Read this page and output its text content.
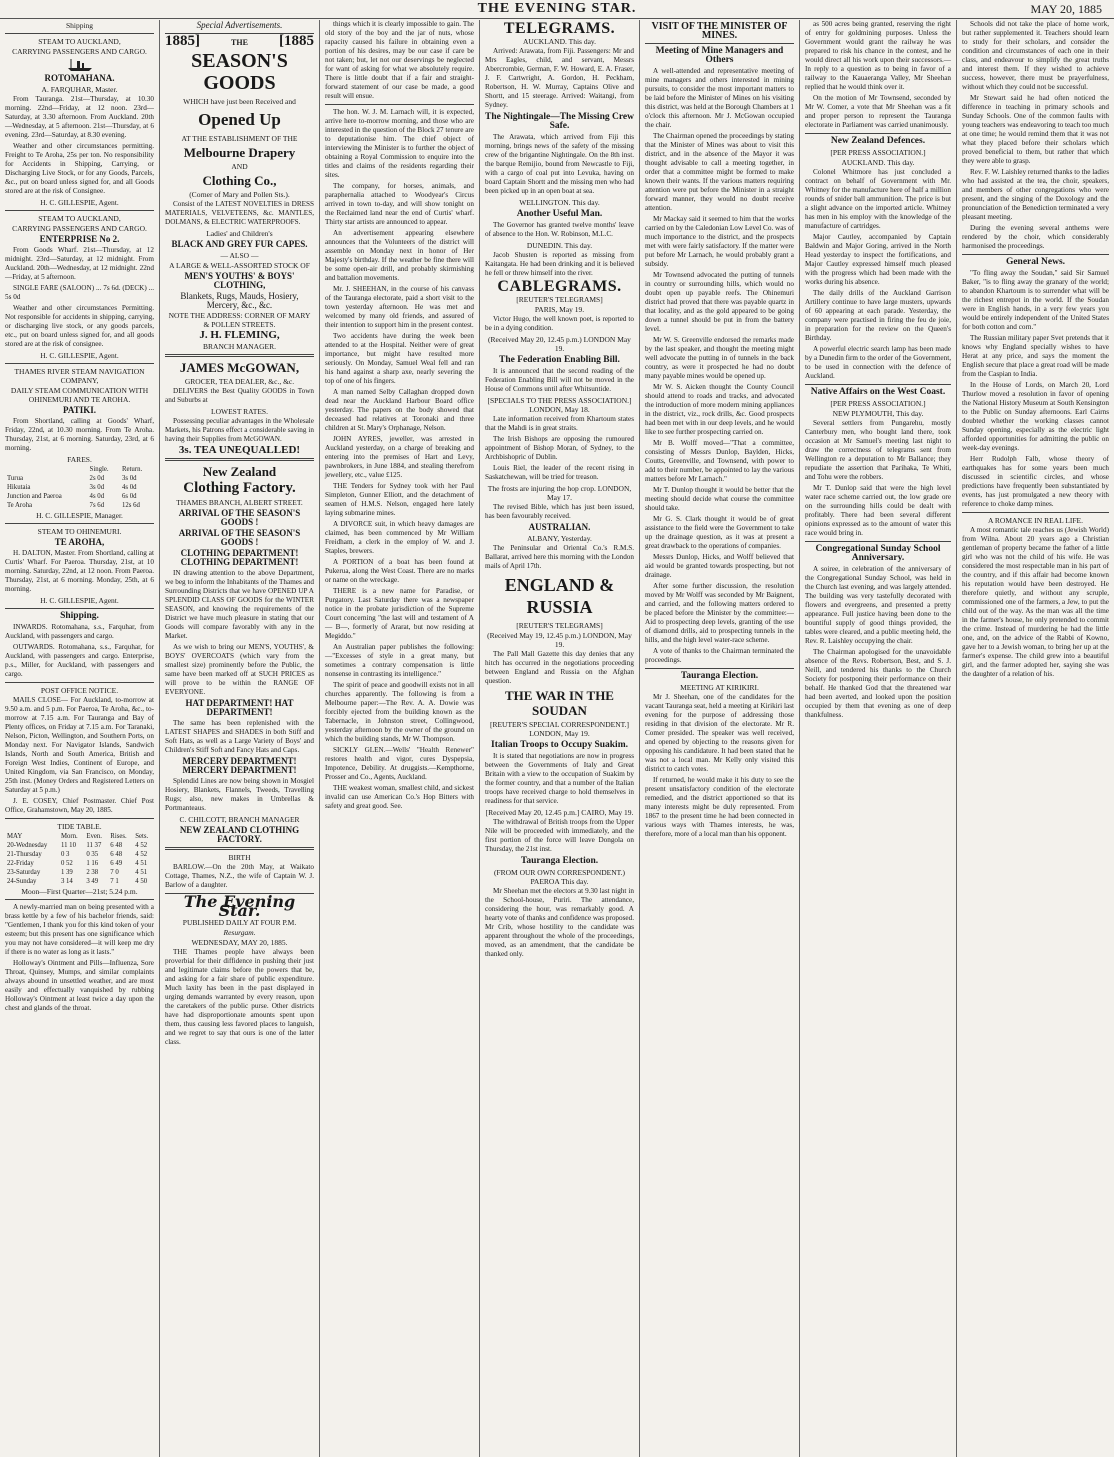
THE EVENING STAR.	MAY 20, 1885
Shipping
STEAM TO AUCKLAND,
CARRYING PASSENGERS AND CARGO.
ROTOMAHANA.
A. FARQUHAR, Master.

From Tauranga. 21st—Thursday, at 10.30 morning. 22nd—Friday, at 12 noon. 23rd—Saturday, at 3.30 afternoon. From Auckland. 20th—Wednesday, at 5 afternoon. 21st—Thursday, at 6 evening. 23rd—Saturday, at 8.30 evening.

Weather and other circumstances permitting. Freight to Te Aroha, 25s per ton. No responsibility for Accidents in Shipping, Carrying, or Discharging Live Stock, or for any Goods, Parcels, &c., put on board unless signed for, and all Goods stored are at the risk of Consignee.

H. C. GILLESPIE, Agent.
STEAM TO AUCKLAND,
CARRYING PASSENGERS AND CARGO.
ENTERPRISE No 2.

From Goods Wharf. 21st—Thursday, at 12 midnight. 23rd—Saturday, at 12 midnight. From Auckland. 20th—Wednesday, at 12 midnight. 22nd—Friday, at 5 afternoon.

SINGLE FARE (SALOON) ... 7s 6d. (DECK) ... 5s 0d

Weather and other circumstances Permitting. Not responsible for accidents in shipping, carrying, or discharging live stock, or any goods parcels, etc., put on board unless signed for, and all goods stored are at the risk of consignee.

H. C. GILLESPIE, Agent.
THAMES RIVER STEAM NAVIGATION COMPANY,
DAILY STEAM COMMUNICATION WITH OHINEMURI AND TE AROHA.
PATIKI.

From Shortland, calling at Goods' Wharf, Friday, 22nd, at 10.30 morning. From Te Aroha. Thursday, 21st, at 6 morning. Saturday, 23rd, at 6 morning.

FARES.
	Single.	Return.
Turua	2s 0d	3s 0d
Hikutaia	3s 0d	4s 0d
Junction and Paeroa	4s 0d	6s 0d
Te Aroha	7s 6d	12s 6d
H. C. GILLESPIE, Manager.
STEAM TO OHINEMURI.
TE AROHA,

H. DALTON, Master. From Shortland, calling at Curtis' Wharf. For Paeroa. Thursday, 21st, at 10 morning. Saturday, 22nd, at 12 noon. From Paeroa. Thursday, 21st, at 6 morning. Monday, 25th, at 6 morning.

H. C. GILLESPIE, Agent.
Shipping.

INWARDS. Rotomahana, s.s., Farquhar, from Auckland, with passengers and cargo.

OUTWARDS. Rotomahana, s.s., Farquhar, for Auckland, with passengers and cargo. Enterprise, p.s., Miller, for Auckland, with passengers and cargo.

POST OFFICE NOTICE.

MAILS CLOSE— For Auckland, to-morrow at 9.50 a.m. and 5 p.m. For Paeroa, Te Aroha, &c., to-morrow at 7.15 a.m. For Tauranga and Bay of Plenty offices, on Friday at 7.15 a.m. For Taranaki, Nelson, Picton, Wellington, and Southern Ports, on Monday next. For Navigator Islands, Sandwich Islands, North and South America, British and Foreign West Indies, Continent of Europe, and United Kingdom, via San Francisco, on Monday, 25th inst. (Money Orders and Registered Letters on Saturday at 5 p.m.)

J. E. COSEY, Chief Postmaster. Chief Post Office, Grahamstown, May 20, 1885.

TIDE TABLE.
MAY	Morn.	Even.	Rises.	Sets.
20-Wednesday	11 10	11 37	6 48	4 52
21-Thursday	0 3	0 35	6 48	4 52
22-Friday	0 52	1 16	6 49	4 51
23-Saturday	1 39	2 38	7 0	4 51
24-Sunday	3 14	3 49	7 1	4 50
Moon—First Quarter—21st; 5.24 p.m.

A newly-married man on being presented with a brass kettle by a few of his bachelor friends, said: "Gentlemen, I thank you for this kind token of your esteem; but this present has one significance which you may not have considered—it will keep me dry if there is no water as long as it lasts."

Holloway's Ointment and Pills—Influenza, Sore Throat, Quinsey, Mumps, and similar complaints always abound in unsettled weather, and are most easily and effectually vanquished by rubbing Holloway's Ointment at least twice a day upon the chest and glands of the throat.

Special Advertisements.
1885]	THE [1885
SEASON'S GOODS
WHICH have just been Received and
Opened Up
AT THE ESTABLISHMENT OF THE
Melbourne Drapery
AND
Clothing Co.,
(Corner of Mary and Pollen Sts.).

Consist of the LATEST NOVELTIES in DRESS MATERIALS, VELVETEENS, &c. MANTLES, DOLMANS, & ELECTRIC WATERPROOFS.

Ladies' and Children's
BLACK AND GREY FUR CAPES.
— ALSO —
A LARGE & WELL-ASSORTED STOCK OF
MEN'S YOUTHS' & BOYS' CLOTHING,
Blankets, Rugs, Mauds, Hosiery, Mercery, &c., &c.
NOTE THE ADDRESS: CORNER OF MARY & POLLEN STREETS.
J. H. FLEMING,
BRANCH MANAGER.
JAMES McGOWAN,
GROCER, TEA DEALER, &c., &c.

DELIVERS the Best Quality GOODS in Town and Suburbs at

LOWEST RATES.

Possessing peculiar advantages in the Wholesale Markets, his Patrons effect a considerable saving in having their Supplies from McGOWAN.

3s. TEA UNEQUALLED!
New Zealand
Clothing Factory.
THAMES BRANCH, ALBERT STREET.
ARRIVAL OF THE SEASON'S GOODS !
ARRIVAL OF THE SEASON'S GOODS !
CLOTHING DEPARTMENT! CLOTHING DEPARTMENT!

IN drawing attention to the above Department, we beg to inform the Inhabitants of the Thames and Surrounding Districts that we have OPENED UP A SPLENDID CLASS OF GOODS for the WINTER SEASON, and knowing the requirements of the District we have much pleasure in stating that our Goods will compare favorably with any in the Market.

As we wish to bring our MEN'S, YOUTHS', & BOYS' OVERCOATS (which vary from the smallest size) prominently before the Public, the same have been marked off at SUCH PRICES as will prove to be within the RANGE OF EVERYONE.

HAT DEPARTMENT! HAT DEPARTMENT!

The same has been replenished with the LATEST SHAPES and SHADES in both Stiff and Soft Hats, as well as a Large Variety of Boys' and Children's Stiff Soft and Fancy Hats and Caps.

MERCERY DEPARTMENT! MERCERY DEPARTMENT!

Splendid Lines are now being shown in Mosgiel Hosiery, Blankets, Flannels, Tweeds, Travelling Rugs; also, new makes in Umbrellas & Portmanteaus.

C. CHILCOTT, BRANCH MANAGER
NEW ZEALAND CLOTHING FACTORY.
BIRTH

BARLOW.—On the 20th May, at Waikato Cottage, Thames, N.Z., the wife of Captain W. J. Barlow of a daughter.

The Evening Star.
PUBLISHED DAILY AT FOUR P.M.
Resurgam.
WEDNESDAY, MAY 20, 1885.

THE Thames people have always been proverbial for their diffidence in pushing their just and legitimate claims before the powers that be, and asking for a fair share of public expenditure. Much laxity has been in the past displayed in urging demands warranted by every reason, upon the caretakers of the public purse. Other districts have had disproportionate amounts spent upon them, thus causing less favored places to languish, and we regret to say that ours is one of the latter class.

things which it is clearly impossible to gain. The old story of the boy and the jar of nuts, whose rapacity caused his failure in obtaining even a portion of his desires, may be our case if care be not taken; but, let not our deservings be neglected for want of asking for what we absolutely require. There is little doubt that if a fair and straight-forward statement of our case be made, a good result will ensue.

The hon. W. J. M. Larnach will, it is expected, arrive here to-morrow morning, and those who are interested in the question of the Block 27 tenure are to deputationise him. The chief object of interviewing the Minister is to further the object of obtaining a Royal Commission to enquire into the titles and claims of the residents regarding their sites.

The company, for horses, animals, and paraphernalia attached to Woodyear's Circus arrived in town to-day, and will show tonight on the Reclaimed land near the end of Curtis' wharf. Thirty star artists are announced to appear.

An advertisement appearing elsewhere announces that the Volunteers of the district will assemble on Monday next in honor of Her Majesty's birthday. If the weather be fine there will be some open-air drill, and probably skirmishing and battalion movements.

Mr. J. SHEEHAN, in the course of his canvass of the Tauranga electorate, paid a short visit to the town yesterday afternoon. He was met and welcomed by many old friends, and assured of their intention to support him in the present contest.

Two accidents have during the week been attended to at the Hospital. Neither were of great importance, but might have resulted more seriously. On Monday, Samuel Weal fell and ran his hand against a sharp axe, nearly severing the top of one of his fingers.

A man named Selby Callaghan dropped down dead near the Auckland Harbour Board office yesterday. The papers on the body showed that deceased had relatives at Toronaki and three children at St. Mary's Orphanage, Nelson.

JOHN AYRES, jeweller, was arrested in Auckland yesterday, on a charge of breaking and entering into the premises of Hart and Levy, pawnbrokers, in June 1884, and stealing therefrom jewellery, etc., value £125.

THE Tenders for Sydney took with her Paul Simpleton, Gunner Elliott, and the detachment of seamen of H.M.S. Nelson, engaged here lately laying submarine mines.

A DIVORCE suit, in which heavy damages are claimed, has been commenced by Mr William Freidham, a clerk in the employ of W. and J. Staples, brewers.

A PORTION of a boat has been found at Pukerua, along the West Coast. There are no marks or name on the wreckage.

THERE is a new name for Paradise, or Purgatory. Last Saturday there was a newspaper notice in the probate jurisdiction of the Supreme Court concerning "the last will and testament of A— B—, formerly of Ararat, but now residing at Megiddo."

An Australian paper publishes the following:—"Excesses of style in a great many, but sometimes a contrary compensation is little nonsense in contrasting its intelligence."

The spirit of peace and goodwill exists not in all churches apparently. The following is from a Melbourne paper:—The Rev. A. A. Dowie was forcibly ejected from the building known as the Tabernacle, in Johnston street, Collingwood, yesterday afternoon by the owner of the ground on which the building stands, Mr W. Thompson.

SICKLY GLEN.—Wells' "Health Renewer" restores health and vigor, cures Dyspepsia, Impotence, Debility. At druggists.—Kempthorne, Prosser and Co., Agents, Auckland.

THE weakest woman, smallest child, and sickest invalid can use American Co.'s Hop Bitters with safety and great good. See.

TELEGRAMS.
AUCKLAND. This day.

Arrived: Arawata, from Fiji. Passengers: Mr and Mrs Eagles, child, and servant, Messrs Abercrombie, German, F. W. Howard, E. A. Fraser, J. F. Cartwright, A. Gordon, H. Peckham, Robertson, H. W. Murray, Captains Olive and Shortt, and 15 steerage. Arrived: Waitangi, from Sydney.

The Nightingale—The Missing Crew Safe.

The Arawata, which arrived from Fiji this morning, brings news of the safety of the missing crew of the brigantine Nightingale. On the 8th inst. the barque Remijio, bound from Newcastle to Fiji, with a cargo of coal put into Levuka, having on board Captain Shortt and the missing men who had been picked up in an open boat at sea.

WELLINGTON. This day.
Another Useful Man.

The Governor has granted twelve months' leave of absence to the Hon. W. Robinson, M.L.C.

DUNEDIN. This day.

Jacob Shusten is reported as missing from Kaitangata. He had been drinking and it is believed he fell or threw himself into the river.

CABLEGRAMS.
[REUTER'S TELEGRAMS]
PARIS, May 19.

Victor Hugo, the well known poet, is reported to be in a dying condition.

(Received May 20, 12.45 p.m.) LONDON May 19.
The Federation Enabling Bill.

It is announced that the second reading of the Federation Enabling Bill will not be moved in the House of Commons until after Whitsuntide.

[SPECIALS TO THE PRESS ASSOCIATION.] LONDON, May 18.

Late information received from Khartoum states that the Mahdi is in great straits.

The Irish Bishops are opposing the rumoured appointment of Bishop Moran, of Sydney, to the Archbishopric of Dublin.

Louis Riel, the leader of the recent rising in Saskatchewan, will be tried for treason.

The frosts are injuring the hop crop. LONDON, May 17.

The revised Bible, which has just been issued, has been favourably received.

AUSTRALIAN.
ALBANY, Yesterday.

The Peninsular and Oriental Co.'s R.M.S. Ballarat, arrived here this morning with the London mails of April 17th.

ENGLAND & RUSSIA
[REUTER'S TELEGRAMS]
(Received May 19, 12.45 p.m.) LONDON, May 19.

The Pall Mall Gazette this day denies that any hitch has occurred in the negotiations proceeding between England and Russia on the Afghan question.

THE WAR IN THE SOUDAN
[REUTER'S SPECIAL CORRESPONDENT.] LONDON, May 19.
Italian Troops to Occupy Suakim.

It is stated that negotiations are now in progress between the Governments of Italy and Great Britain with a view to the occupation of Suakim by the former country, and that a number of the Italian troops have received charge to hold themselves in readiness for that service.

[Received May 20, 12.45 p.m.] CAIRO, May 19.

The withdrawal of British troops from the Upper Nile will be proceeded with immediately, and the first portion of the force will leave Dongola on Thursday, the 21st inst.

Tauranga Election.
(FROM OUR OWN CORRESPONDENT.) PAEROA This day.

Mr Sheehan met the electors at 9.30 last night in the School-house, Puriri. The attendance, considering the hour, was remarkably good. A hearty vote of thanks and confidence was proposed. Mr Crib, whose hostility to the candidate was apparent throughout the whole of the proceedings, moved, as an amendment, that the candidate be thanked only.

VISIT OF THE MINISTER OF MINES.
Meeting of Mine Managers and Others

A well-attended and representative meeting of mine managers and others interested in mining pursuits, to consider the most important matters to be laid before the Minister of Mines on his visiting this district, was held at the Borough Chambers at 1 o'clock this afternoon. Mr J. McGowan occupied the chair.

The Chairman opened the proceedings by stating that the Minister of Mines was about to visit this district, and in the absence of the Mayor it was thought advisable to call a meeting together, in order that a committee might be formed to make known their wants. If the various matters requiring attention were put before the Minister in a straight forward manner, they would no doubt receive attention.

Mr Mackay said it seemed to him that the works carried on by the Caledonian Low Level Co. was of much importance to the district, and the prospects met with were fairly satisfactory. If the matter were put before Mr Larnach, he would probably grant a subsidy.

Mr Townsend advocated the putting of tunnels in country or surrounding hills, which would no doubt open up payable reefs. The Ohinemuri district had proved that there was payable quartz in that locality, and as the gold appeared to be going down a tunnel should be put in from the battery level.

Mr W. S. Greenville endorsed the remarks made by the last speaker, and thought the meeting might well advocate the putting in of tunnels in the back country, as were it prospected he had no doubt many payable mines would be opened up.

Mr W. S. Aicken thought the County Council should attend to roads and tracks, and advocated the introduction of more modern mining appliances in the district, viz., rock drills, &c. Good prospects had been met with in our deep levels, and he would like to see further prospecting carried on.

Mr B. Wolff moved—"That a committee, consisting of Messrs Dunlop, Baylden, Hicks, Coutts, Greenville, and Townsend, with power to add to their number, be appointed to lay the various matters before Mr Larnach."

Mr T. Dunlop thought it would be better that the meeting should decide what course the committee should take.

Mr G. S. Clark thought it would be of great assistance to the field were the Government to take up the drainage question, as it was at present a great drawback to the operations of companies.

Messrs Dunlop, Hicks, and Wolff believed that aid would be granted towards prospecting, but not drainage.

After some further discussion, the resolution moved by Mr Wolff was seconded by Mr Baignent, and carried, and the following matters ordered to be placed before the Minister by the committee:—Aid to prospecting deep levels, granting of the use of diamond drills, aid to prospecting tunnels in the hills, and the high level water-race scheme.

A vote of thanks to the Chairman terminated the proceedings.

Tauranga Election.
MEETING AT KIRIKIRI.

Mr J. Sheehan, one of the candidates for the vacant Tauranga seat, held a meeting at Kirikiri last evening for the purpose of addressing those residing in that division of the electorate. Mr R. Comer presided. The speaker was well received, and opened by objecting to the reasons given for opposing his candidature. It had been stated that he was not a local man. Mr Kelly only visited this district to catch votes.

If returned, he would make it his duty to see the present unsatisfactory condition of the electorate remedied, and the district apportioned so that its many interests might be duly represented. From 1867 to the present time he had been connected in various ways with Thames interests, he was, therefore, more of a local man than his opponent.

as 500 acres being granted, reserving the right of entry for goldmining purposes. Unless the Government would grant the railway he was prepared to risk his chance in the contest, and he would direct all his work upon their successors.—In reply to a question as to being in favor of a railway to the Kauaeranga Valley, Mr Sheehan replied that he would think over it.

On the motion of Mr Townsend, seconded by Mr W. Comer, a vote that Mr Sheehan was a fit and proper person to represent the Tauranga electorate in Parliament was carried unanimously.

New Zealand Defences.
[PER PRESS ASSOCIATION.]
AUCKLAND. This day.

Colonel Whitmore has just concluded a contract on behalf of Government with Mr. Whitney for the manufacture here of half a million rounds of snider ball ammunition. The price is but a slight advance on the imported article. Whitney has men in his employ with the knowledge of the manufacture of cartridges.

Major Cautley, accompanied by Captain Baldwin and Major Goring, arrived in the North Head yesterday to inspect the fortifications, and Major Cautley expressed himself much pleased with the progress which had been made with the works during his absence.

The daily drills of the Auckland Garrison Artillery continue to have large musters, upwards of 60 appearing at each parade. Yesterday, the company were practised in firing the feu de joie, in preparation for the review on the Queen's Birthday.

A powerful electric search lamp has been made by a Dunedin firm to the order of the Government, to be used in connection with the defence of Auckland.

Native Affairs on the West Coast.
[PER PRESS ASSOCIATION.]
NEW PLYMOUTH, This day.

Several settlers from Pungarehu, mostly Canterbury men, who bought land there, took occasion at Mr Samuel's meeting last night to draw the correctness of telegrams sent from Wellington re a deputation to Mr Ballance; they repudiate the assertion that Parihaka, Te Whiti, and Tohu were the robbers.

Mr T. Dunlop said that were the high level water race scheme carried out, the low grade ore on the surrounding hills could be dealt with profitably. There had been several different opinions expressed as to the amount of water this race would bring in.

Congregational Sunday School Anniversary.

A soiree, in celebration of the anniversary of the Congregational Sunday School, was held in the Church last evening, and was largely attended. The building was very tastefully decorated with flowers and evergreens, and presented a pretty appearance. Full justice having been done to the bountiful supply of good things provided, the tables were cleared, and a public meeting held, the Rev. R. Laishley occupying the chair.

The Chairman apologised for the unavoidable absence of the Revs. Robertson, Best, and S. J. Neill, and tendered his thanks to the Church Society for postponing their performance on their behalf. He thanked God that the threatened war had been averted, and looked upon the position occupied by them that evening as one of deep thankfulness.

Schools did not take the place of home work, but rather supplemented it. Teachers should learn to study for their scholars, and consider the condition and circumstances of each one in their class, and endeavour to simplify the great truths and interest them. If they wished to achieve success, however, there must be prayerfulness, without which they could not be successful.

Mr Stewart said he had often noticed the difference in teaching in primary schools and Sunday Schools. One of the common faults with young teachers was endeavoring to teach too much at one time; he would remind them that it was not what they placed before their scholars which proved beneficial to them, but rather that which they were able to grasp.

Rev. F. W. Laishley returned thanks to the ladies who had assisted at the tea, the choir, speakers, and members of other congregations who were present, and the singing of the Doxology and the pronunciation of the Benediction terminated a very pleasant meeting.

During the evening several anthems were rendered by the choir, which considerably harmonised the proceedings.

General News.

"To fling away the Soudan," said Sir Samuel Baker, "is to fling away the granary of the world; to abandon Khartoum is to surrender what will be the richest entrepot in the world. If the Soudan were in English hands, in a very few years you would be entirely independent of the United States for both cotton and corn."

The Russian military paper Svet pretends that it knows why England specially wishes to have Herat at any price, and says the moment the English secure that place a great road will be made from the Caspian to India.

In the House of Lords, on March 20, Lord Thurlow moved a resolution in favor of opening the National History Museum at South Kensington to the Public on Sunday afternoons. Earl Cairns doubted whether the working classes cannot Sunday opening, especially as the electric light afforded opportunities for admitting the public on week-day evenings.

Herr Rudolph Falb, whose theory of earthquakes has for some years been much discussed in scientific circles, and whose predictions have frequently been substantiated by events, has just promulgated a new theory with reference to choke damp mines.

A ROMANCE IN REAL LIFE.

A most romantic tale reaches us (Jewish World) from Wilna. About 20 years ago a Christian gentleman of property became the father of a little girl who was not the child of his wife. He was considered the most respectable man in his part of the country, and if this affair had become known his reputation would have been destroyed. He therefore quietly, and without any scruple, commissioned one of the farmers, a Jew, to put the child out of the way. As the man was all the time in the farmer's house, he only pretended to commit the crime. Instead of murdering he had the little one, and, on the advice of the Rabbi of Kowno, gave her to a Jewish woman, to bring her up at the farmer's expense. The child grew into a beautiful girl, and the farmer adopted her, saying she was the daughter of a relation of his.
